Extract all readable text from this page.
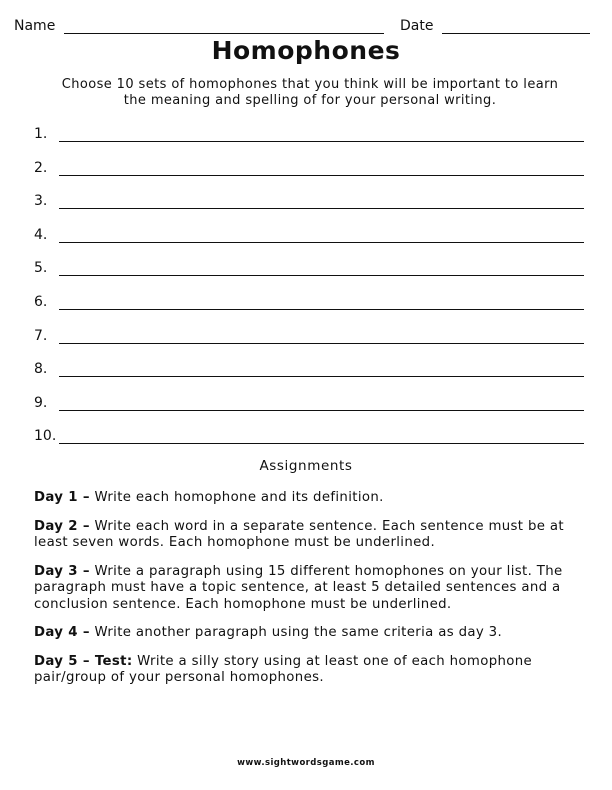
Name	Date
Homophones
Choose 10 sets of homophones that you think will be important to learn the meaning and spelling of for your personal writing.
1.
2.
3.
4.
5.
6.
7.
8.
9.
10.
Assignments

Day 1 – Write each homophone and its definition.

Day 2 – Write each word in a separate sentence. Each sentence must be at least seven words. Each homophone must be underlined.

Day 3 – Write a paragraph using 15 different homophones on your list. The paragraph must have a topic sentence, at least 5 detailed sentences and a conclusion sentence. Each homophone must be underlined.

Day 4 – Write another paragraph using the same criteria as day 3.

Day 5 – Test: Write a silly story using at least one of each homophone pair/group of your personal homophones.

www.sightwordsgame.com
